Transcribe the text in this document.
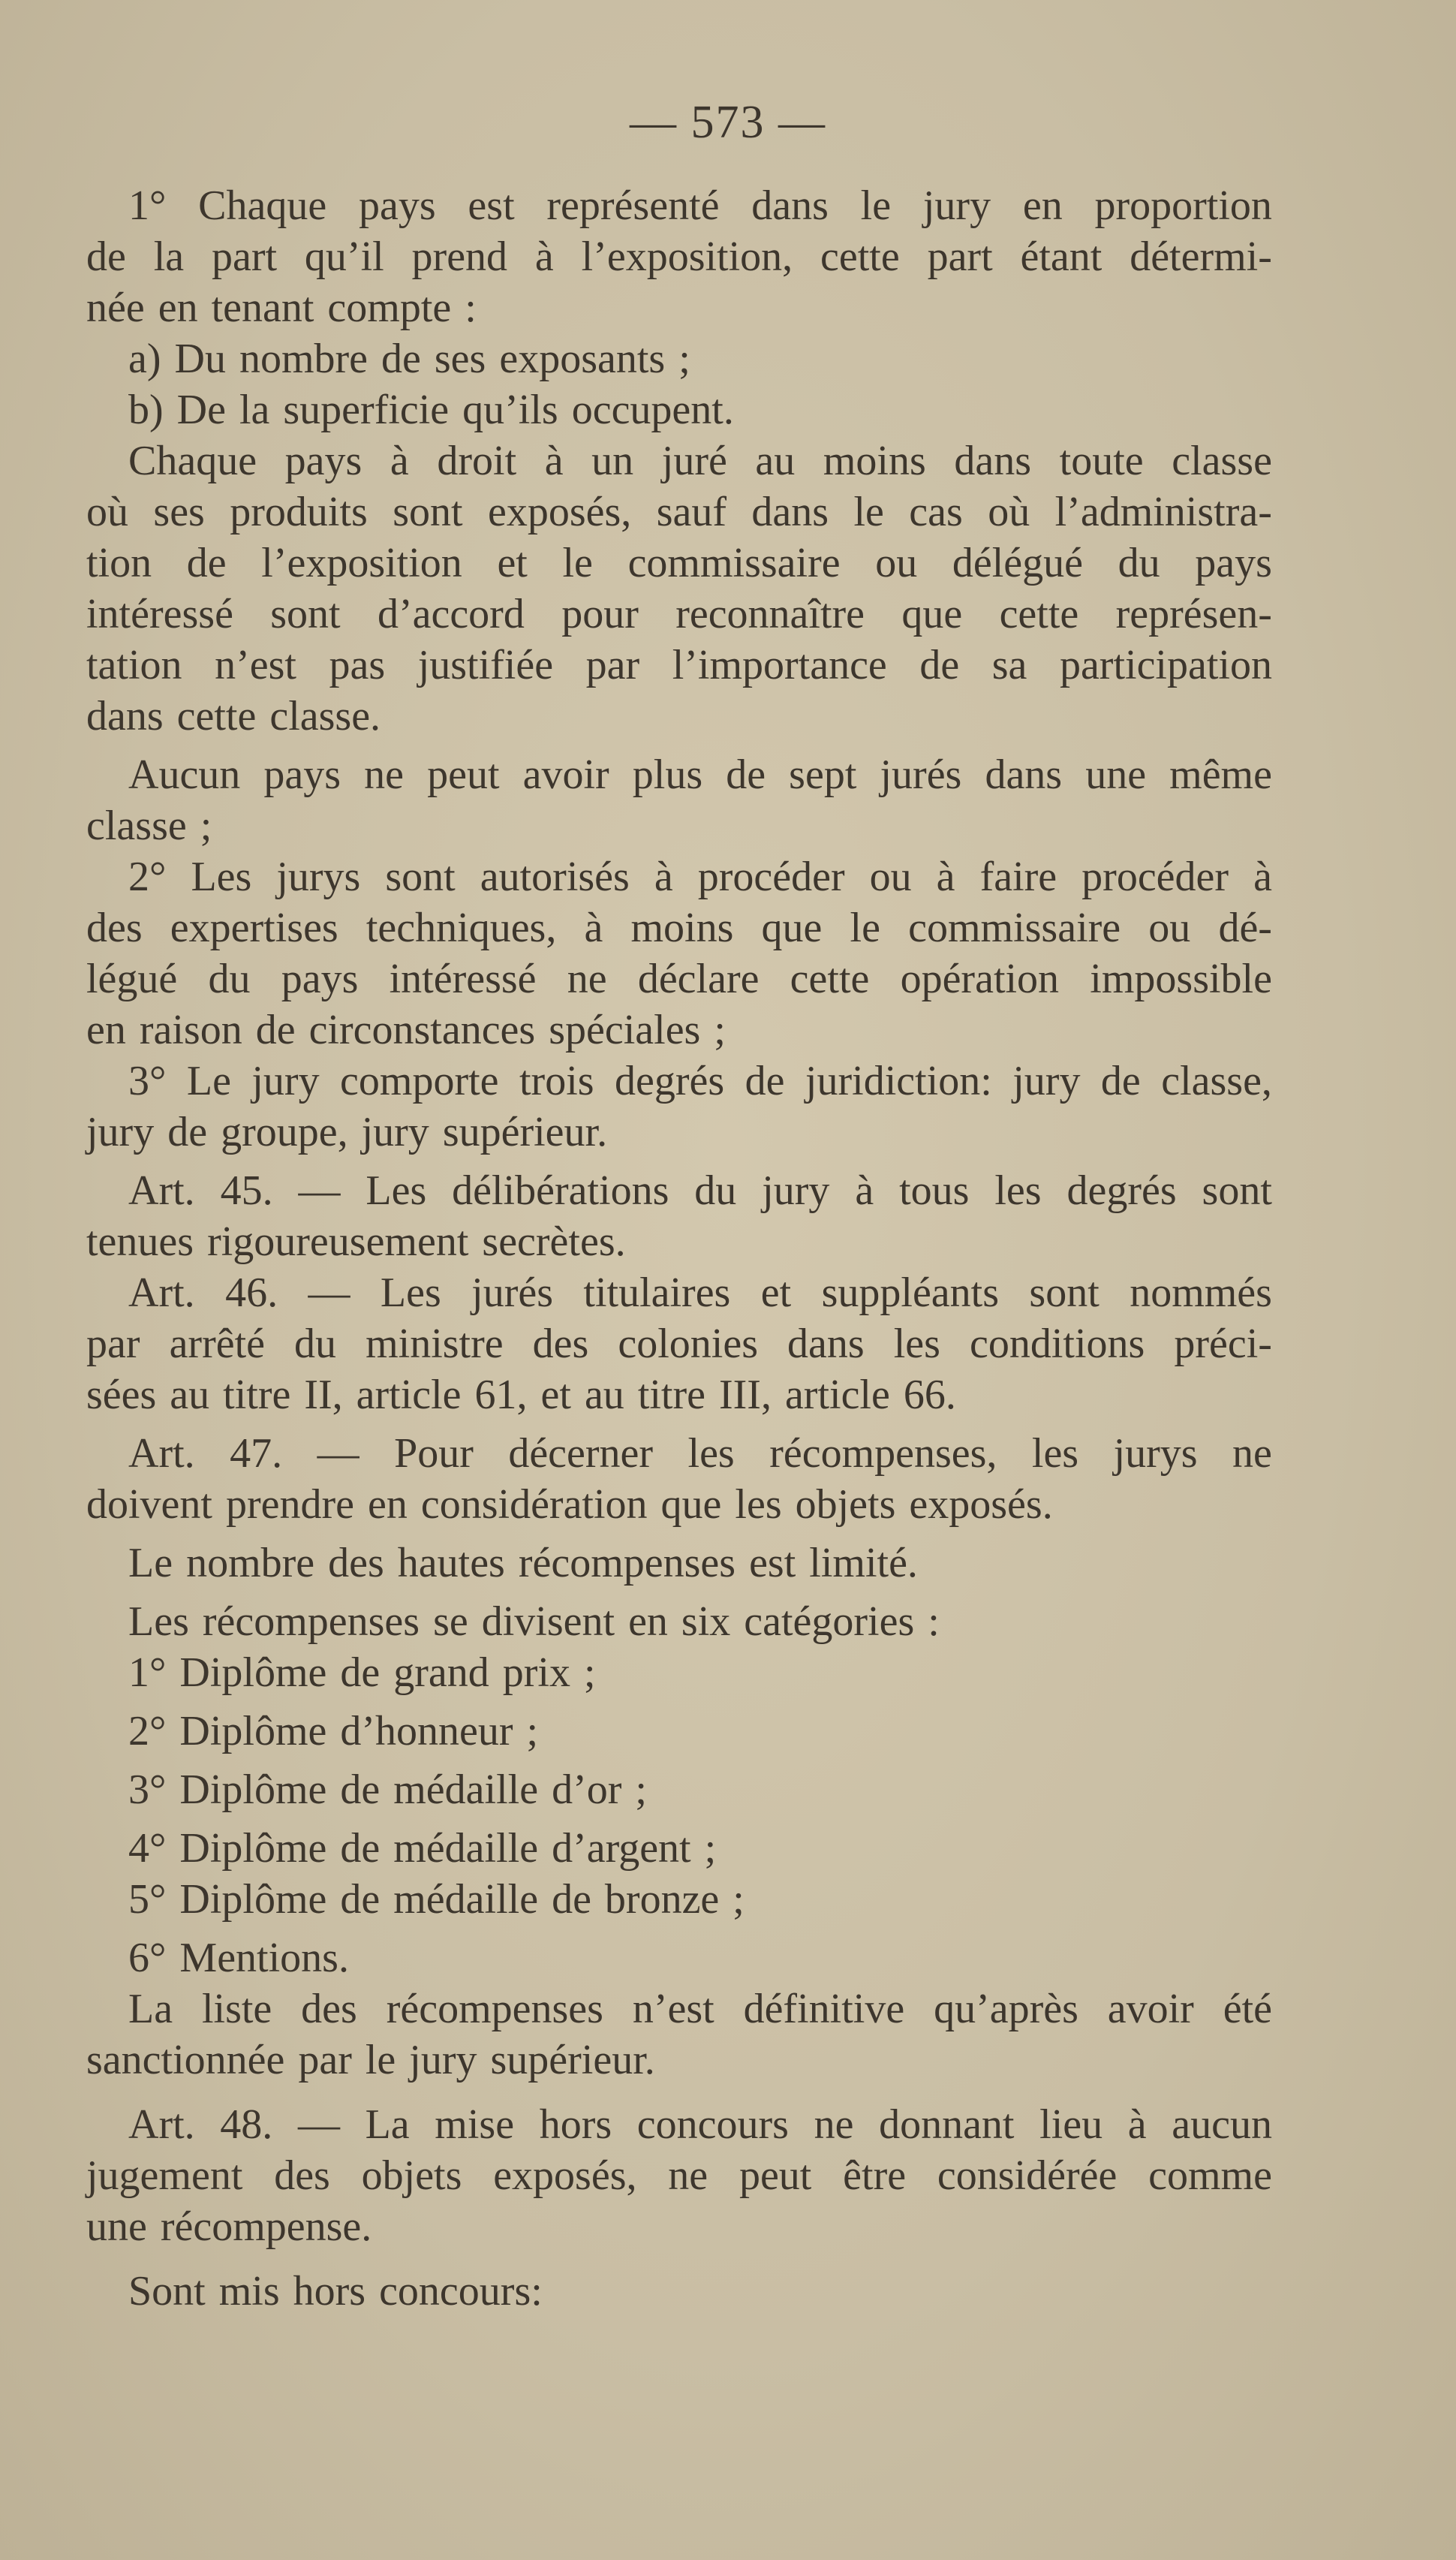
— 573 —
1° Chaque pays est représenté dans le jury en proportion
de la part qu’il prend à l’exposition, cette part étant détermi-
née en tenant compte :
a) Du nombre de ses exposants ;
b) De la superficie qu’ils occupent.
Chaque pays à droit à un juré au moins dans toute classe
où ses produits sont exposés, sauf dans le cas où l’administra-
tion de l’exposition et le commissaire ou délégué du pays
intéressé sont d’accord pour reconnaître que cette représen-
tation n’est pas justifiée par l’importance de sa participation
dans cette classe.
Aucun pays ne peut avoir plus de sept jurés dans une même
classe ;
2° Les jurys sont autorisés à procéder ou à faire procéder à
des expertises techniques, à moins que le commissaire ou dé-
légué du pays intéressé ne déclare cette opération impossible
en raison de circonstances spéciales ;
3° Le jury comporte trois degrés de juridiction: jury de classe,
jury de groupe, jury supérieur.
Art. 45. — Les délibérations du jury à tous les degrés sont
tenues rigoureusement secrètes.
Art. 46. — Les jurés titulaires et suppléants sont nommés
par arrêté du ministre des colonies dans les conditions préci-
sées au titre II, article 61, et au titre III, article 66.
Art. 47. — Pour décerner les récompenses, les jurys ne
doivent prendre en considération que les objets exposés.
Le nombre des hautes récompenses est limité.
Les récompenses se divisent en six catégories :
1° Diplôme de grand prix ;
2° Diplôme d’honneur ;
3° Diplôme de médaille d’or ;
4° Diplôme de médaille d’argent ;
5° Diplôme de médaille de bronze ;
6° Mentions.
La liste des récompenses n’est définitive qu’après avoir été
sanctionnée par le jury supérieur.
Art. 48. — La mise hors concours ne donnant lieu à aucun
jugement des objets exposés, ne peut être considérée comme
une récompense.
Sont mis hors concours:
